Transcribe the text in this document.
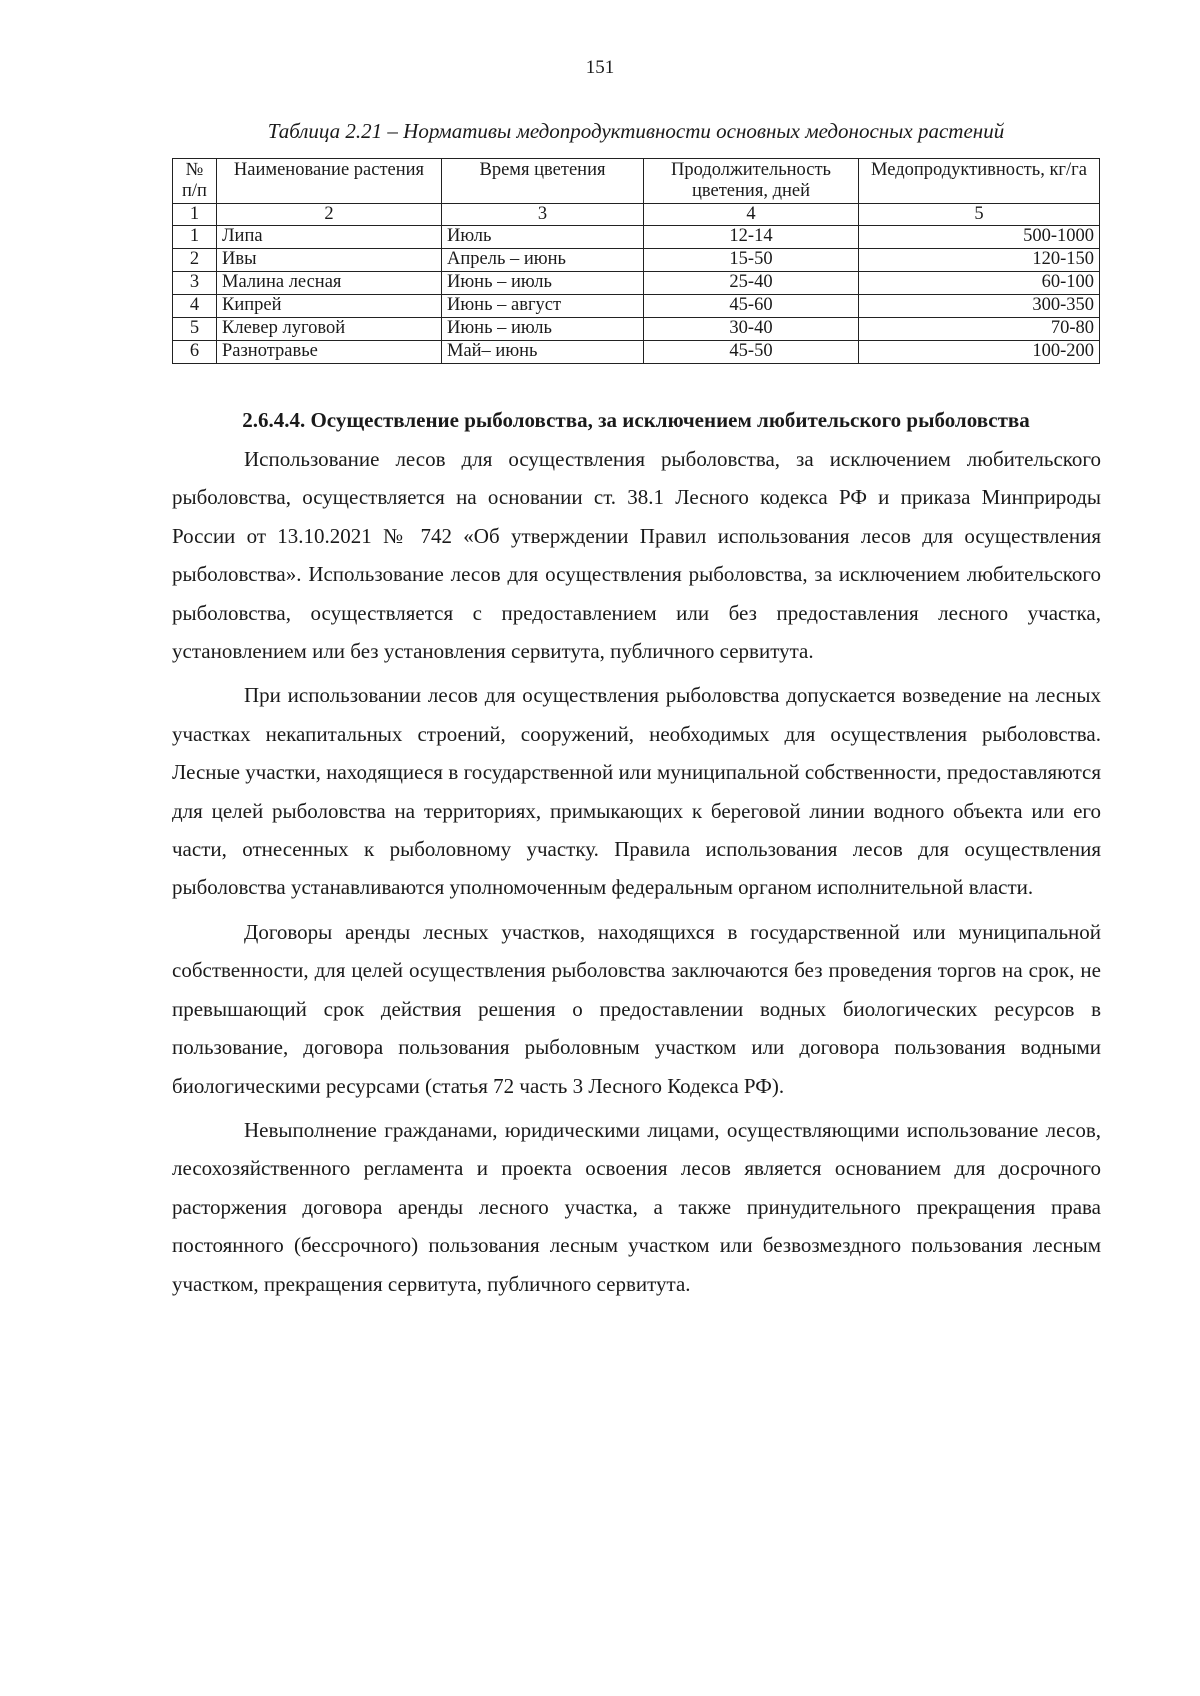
151
Таблица 2.21 – Нормативы медопродуктивности основных медоносных растений
№ п/п	Наименование растения	Время цветения	Продолжительность цветения, дней	Медопродуктивность, кг/га
1	2	3	4	5
1	Липа	Июль	12-14	500-1000
2	Ивы	Апрель – июнь	15-50	120-150
3	Малина лесная	Июнь – июль	25-40	60-100
4	Кипрей	Июнь – август	45-60	300-350
5	Клевер луговой	Июнь – июль	30-40	70-80
6	Разнотравье	Май– июнь	45-50	100-200
2.6.4.4. Осуществление рыболовства, за исключением любительского рыболовства

Использование лесов для осуществления рыболовства, за исключением любительского рыболовства, осуществляется на основании ст. 38.1 Лесного кодекса РФ и приказа Минприроды России от 13.10.2021 № 742 «Об утверждении Правил использования лесов для осуществления рыболовства». Использование лесов для осуществления рыболовства, за исключением любительского рыболовства, осуществляется с предоставлением или без предоставления лесного участка, установлением или без установления сервитута, публичного сервитута.

При использовании лесов для осуществления рыболовства допускается возведение на лесных участках некапитальных строений, сооружений, необходимых для осуществления рыболовства. Лесные участки, находящиеся в государственной или муниципальной собственности, предоставляются для целей рыболовства на территориях, примыкающих к береговой линии водного объекта или его части, отнесенных к рыболовному участку. Правила использования лесов для осуществления рыболовства устанавливаются уполномоченным федеральным органом исполнительной власти.

Договоры аренды лесных участков, находящихся в государственной или муниципальной собственности, для целей осуществления рыболовства заключаются без проведения торгов на срок, не превышающий срок действия решения о предоставлении водных биологических ресурсов в пользование, договора пользования рыболовным участком или договора пользования водными биологическими ресурсами (статья 72 часть 3 Лесного Кодекса РФ).

Невыполнение гражданами, юридическими лицами, осуществляющими использование лесов, лесохозяйственного регламента и проекта освоения лесов является основанием для досрочного расторжения договора аренды лесного участка, а также принудительного прекращения права постоянного (бессрочного) пользования лесным участком или безвозмездного пользования лесным участком, прекращения сервитута, публичного сервитута.
